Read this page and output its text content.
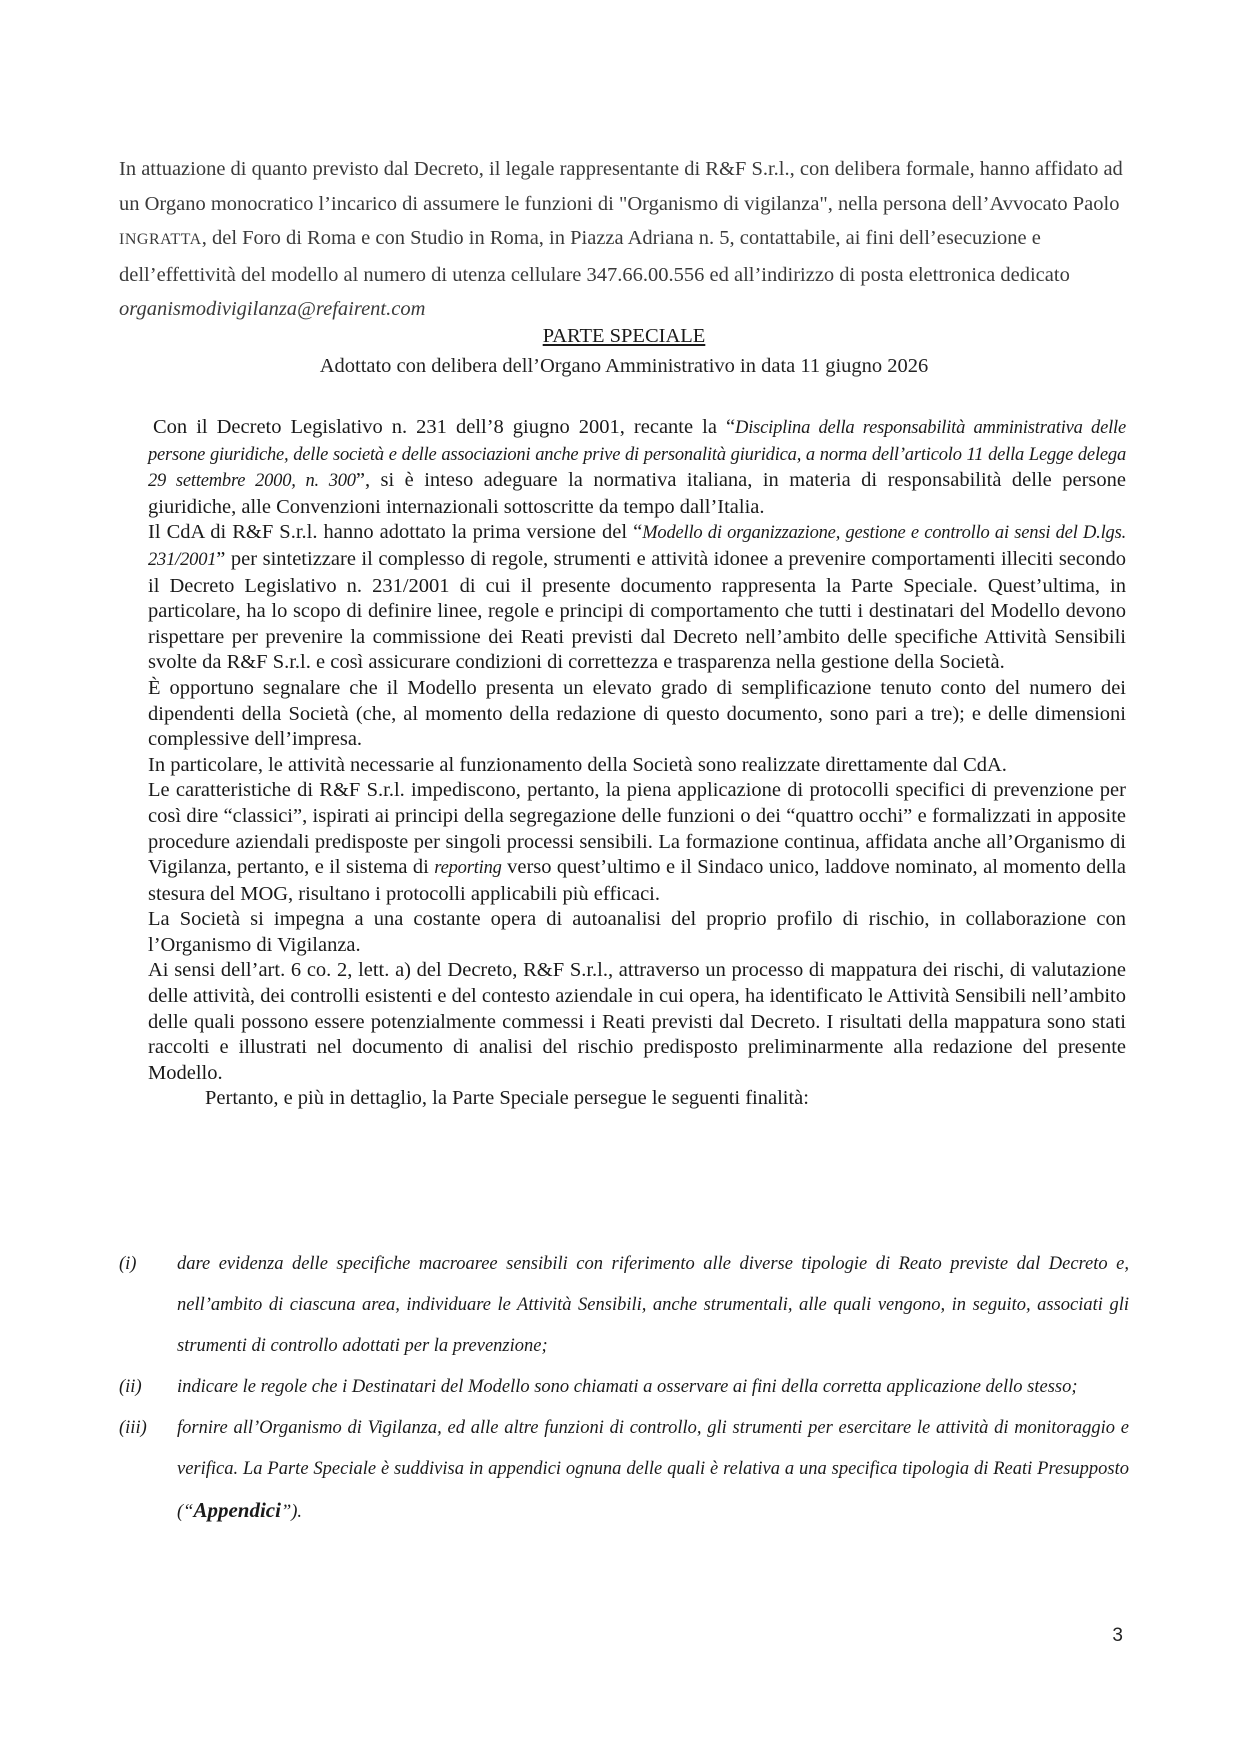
In attuazione di quanto previsto dal Decreto, il legale rappresentante di R&F S.r.l., con delibera formale, hanno affidato ad un Organo monocratico l’incarico di assumere le funzioni di "Organismo di vigilanza", nella persona dell’Avvocato Paolo INGRATTA, del Foro di Roma e con Studio in Roma, in Piazza Adriana n. 5, contattabile, ai fini dell’esecuzione e dell’effettività del modello al numero di utenza cellulare 347.66.00.556 ed all’indirizzo di posta elettronica dedicato organismodivigilanza@refairent.com
PARTE SPECIALE
Adottato con delibera dell’Organo Amministrativo in data 11 giugno 2026

Con il Decreto Legislativo n. 231 dell’8 giugno 2001, recante la “Disciplina della responsabilità amministrativa delle persone giuridiche, delle società e delle associazioni anche prive di personalità giuridica, a norma dell’articolo 11 della Legge delega 29 settembre 2000, n. 300”, si è inteso adeguare la normativa italiana, in materia di responsabilità delle persone giuridiche, alle Convenzioni internazionali sottoscritte da tempo dall’Italia.

Il CdA di R&F S.r.l. hanno adottato la prima versione del “Modello di organizzazione, gestione e controllo ai sensi del D.lgs. 231/2001” per sintetizzare il complesso di regole, strumenti e attività idonee a prevenire comportamenti illeciti secondo il Decreto Legislativo n. 231/2001 di cui il presente documento rappresenta la Parte Speciale. Quest’ultima, in particolare, ha lo scopo di definire linee, regole e principi di comportamento che tutti i destinatari del Modello devono rispettare per prevenire la commissione dei Reati previsti dal Decreto nell’ambito delle specifiche Attività Sensibili svolte da R&F S.r.l. e così assicurare condizioni di correttezza e trasparenza nella gestione della Società.

È opportuno segnalare che il Modello presenta un elevato grado di semplificazione tenuto conto del numero dei dipendenti della Società (che, al momento della redazione di questo documento, sono pari a tre); e delle dimensioni complessive dell’impresa.

In particolare, le attività necessarie al funzionamento della Società sono realizzate direttamente dal CdA.

Le caratteristiche di R&F S.r.l. impediscono, pertanto, la piena applicazione di protocolli specifici di prevenzione per così dire “classici”, ispirati ai principi della segregazione delle funzioni o dei “quattro occhi” e formalizzati in apposite procedure aziendali predisposte per singoli processi sensibili. La formazione continua, affidata anche all’Organismo di Vigilanza, pertanto, e il sistema di reporting verso quest’ultimo e il Sindaco unico, laddove nominato, al momento della stesura del MOG, risultano i protocolli applicabili più efficaci.

La Società si impegna a una costante opera di autoanalisi del proprio profilo di rischio, in collaborazione con l’Organismo di Vigilanza.

Ai sensi dell’art. 6 co. 2, lett. a) del Decreto, R&F S.r.l., attraverso un processo di mappatura dei rischi, di valutazione delle attività, dei controlli esistenti e del contesto aziendale in cui opera, ha identificato le Attività Sensibili nell’ambito delle quali possono essere potenzialmente commessi i Reati previsti dal Decreto. I risultati della mappatura sono stati raccolti e illustrati nel documento di analisi del rischio predisposto preliminarmente alla redazione del presente Modello.

Pertanto, e più in dettaglio, la Parte Speciale persegue le seguenti finalità:

(i)	dare evidenza delle specifiche macroaree sensibili con riferimento alle diverse tipologie di Reato previste dal Decreto e, nell’ambito di ciascuna area, individuare le Attività Sensibili, anche strumentali, alle quali vengono, in seguito, associati gli strumenti di controllo adottati per la prevenzione;
(ii)	indicare le regole che i Destinatari del Modello sono chiamati a osservare ai fini della corretta applicazione dello stesso;
(iii)	fornire all’Organismo di Vigilanza, ed alle altre funzioni di controllo, gli strumenti per esercitare le attività di monitoraggio e verifica. La Parte Speciale è suddivisa in appendici ognuna delle quali è relativa a una specifica tipologia di Reati Presupposto (“Appendici”).
3
